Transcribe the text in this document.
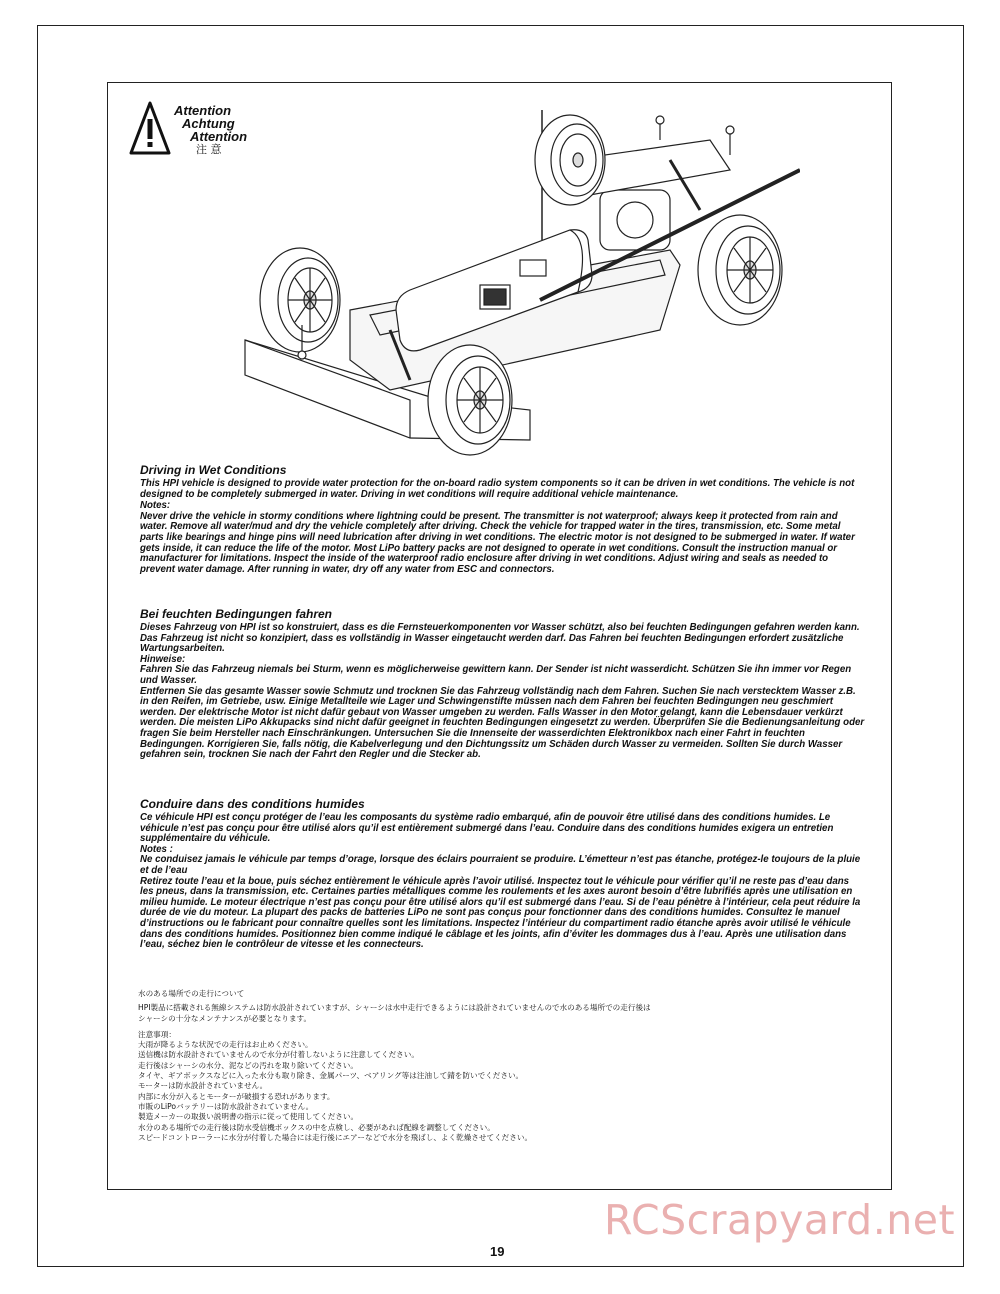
Attention
Achtung
Attention
注 意
Driving in Wet Conditions

This HPI vehicle is designed to provide water protection for the on-board radio system components so it can be driven in wet conditions. The vehicle is not designed to be completely submerged in water. Driving in wet conditions will require additional vehicle maintenance.

Notes:

Never drive the vehicle in stormy conditions where lightning could be present. The transmitter is not waterproof; always keep it protected from rain and water. Remove all water/mud and dry the vehicle completely after driving. Check the vehicle for trapped water in the tires, transmission, etc. Some metal parts like bearings and hinge pins will need lubrication after driving in wet conditions. The electric motor is not designed to be submerged in water. If water gets inside, it can reduce the life of the motor. Most LiPo battery packs are not designed to operate in wet conditions. Consult the instruction manual or manufacturer for limitations. Inspect the inside of the waterproof radio enclosure after driving in wet conditions. Adjust wiring and seals as needed to prevent water damage. After running in water, dry off any water from ESC and connectors.

Bei feuchten Bedingungen fahren

Dieses Fahrzeug von HPI ist so konstruiert, dass es die Fernsteuerkomponenten vor Wasser schützt, also bei feuchten Bedingungen gefahren werden kann. Das Fahrzeug ist nicht so konzipiert, dass es vollständig in Wasser eingetaucht werden darf. Das Fahren bei feuchten Bedingungen erfordert zusätzliche Wartungsarbeiten.

Hinweise:

Fahren Sie das Fahrzeug niemals bei Sturm, wenn es möglicherweise gewittern kann. Der Sender ist nicht wasserdicht. Schützen Sie ihn immer vor Regen und Wasser.

Entfernen Sie das gesamte Wasser sowie Schmutz und trocknen Sie das Fahrzeug vollständig nach dem Fahren. Suchen Sie nach verstecktem Wasser z.B. in den Reifen, im Getriebe, usw. Einige Metallteile wie Lager und Schwingenstifte müssen nach dem Fahren bei feuchten Bedingungen neu geschmiert werden. Der elektrische Motor ist nicht dafür gebaut von Wasser umgeben zu werden. Falls Wasser in den Motor gelangt, kann die Lebensdauer verkürzt werden. Die meisten LiPo Akkupacks sind nicht dafür geeignet in feuchten Bedingungen eingesetzt zu werden. Überprüfen Sie die Bedienungsanleitung oder fragen Sie beim Hersteller nach Einschränkungen. Untersuchen Sie die Innenseite der wasserdichten Elektronikbox nach einer Fahrt in feuchten Bedingungen. Korrigieren Sie, falls nötig, die Kabelverlegung und den Dichtungssitz um Schäden durch Wasser zu vermeiden. Sollten Sie durch Wasser gefahren sein, trocknen Sie nach der Fahrt den Regler und die Stecker ab.

Conduire dans des conditions humides

Ce véhicule HPI est conçu protéger de l’eau les composants du système radio embarqué, afin de pouvoir être utilisé dans des conditions humides. Le véhicule n’est pas conçu pour être utilisé alors qu’il est entièrement submergé dans l’eau. Conduire dans des conditions humides exigera un entretien supplémentaire du véhicule.

Notes :

Ne conduisez jamais le véhicule par temps d’orage, lorsque des éclairs pourraient se produire. L’émetteur n’est pas étanche, protégez-le toujours de la pluie et de l’eau

Retirez toute l’eau et la boue, puis séchez entièrement le véhicule après l’avoir utilisé. Inspectez tout le véhicule pour vérifier qu’il ne reste pas d’eau dans les pneus, dans la transmission, etc. Certaines parties métalliques comme les roulements et les axes auront besoin d’être lubrifiés après une utilisation en milieu humide. Le moteur électrique n’est pas conçu pour être utilisé alors qu’il est submergé dans l’eau. Si de l’eau pénètre à l’intérieur, cela peut réduire la durée de vie du moteur. La plupart des packs de batteries LiPo ne sont pas conçus pour fonctionner dans des conditions humides. Consultez le manuel d’instructions ou le fabricant pour connaître quelles sont les limitations. Inspectez l’intérieur du compartiment radio étanche après avoir utilisé le véhicule dans des conditions humides. Positionnez bien comme indiqué le câblage et les joints, afin d’éviter les dommages dus à l’eau. Après une utilisation dans l’eau, séchez bien le contrôleur de vitesse et les connecteurs.

水のある場所での走行について

HPI製品に搭載される無線システムは防水設計されていますが、シャーシは水中走行できるようには設計されていませんので水のある場所での走行後は

シャーシの十分なメンテナンスが必要となります。

注意事項：

大雨が降るような状況での走行はお止めください。

送信機は防水設計されていませんので水分が付着しないように注意してください。

走行後はシャーシの水分、泥などの汚れを取り除いてください。

タイヤ、ギアボックスなどに入った水分も取り除き、金属パーツ、ベアリング等は注油して錆を防いでください。

モーターは防水設計されていません。

内部に水分が入るとモーターが破損する恐れがあります。

市販のLiPoバッテリーは防水設計されていません。

製造メーカーの取扱い説明書の指示に従って使用してください。

水分のある場所での走行後は防水受信機ボックスの中を点検し、必要があれば配線を調整してください。

スピードコントローラーに水分が付着した場合には走行後にエアーなどで水分を飛ばし、よく乾燥させてください。

RCScrapyard.net
19
